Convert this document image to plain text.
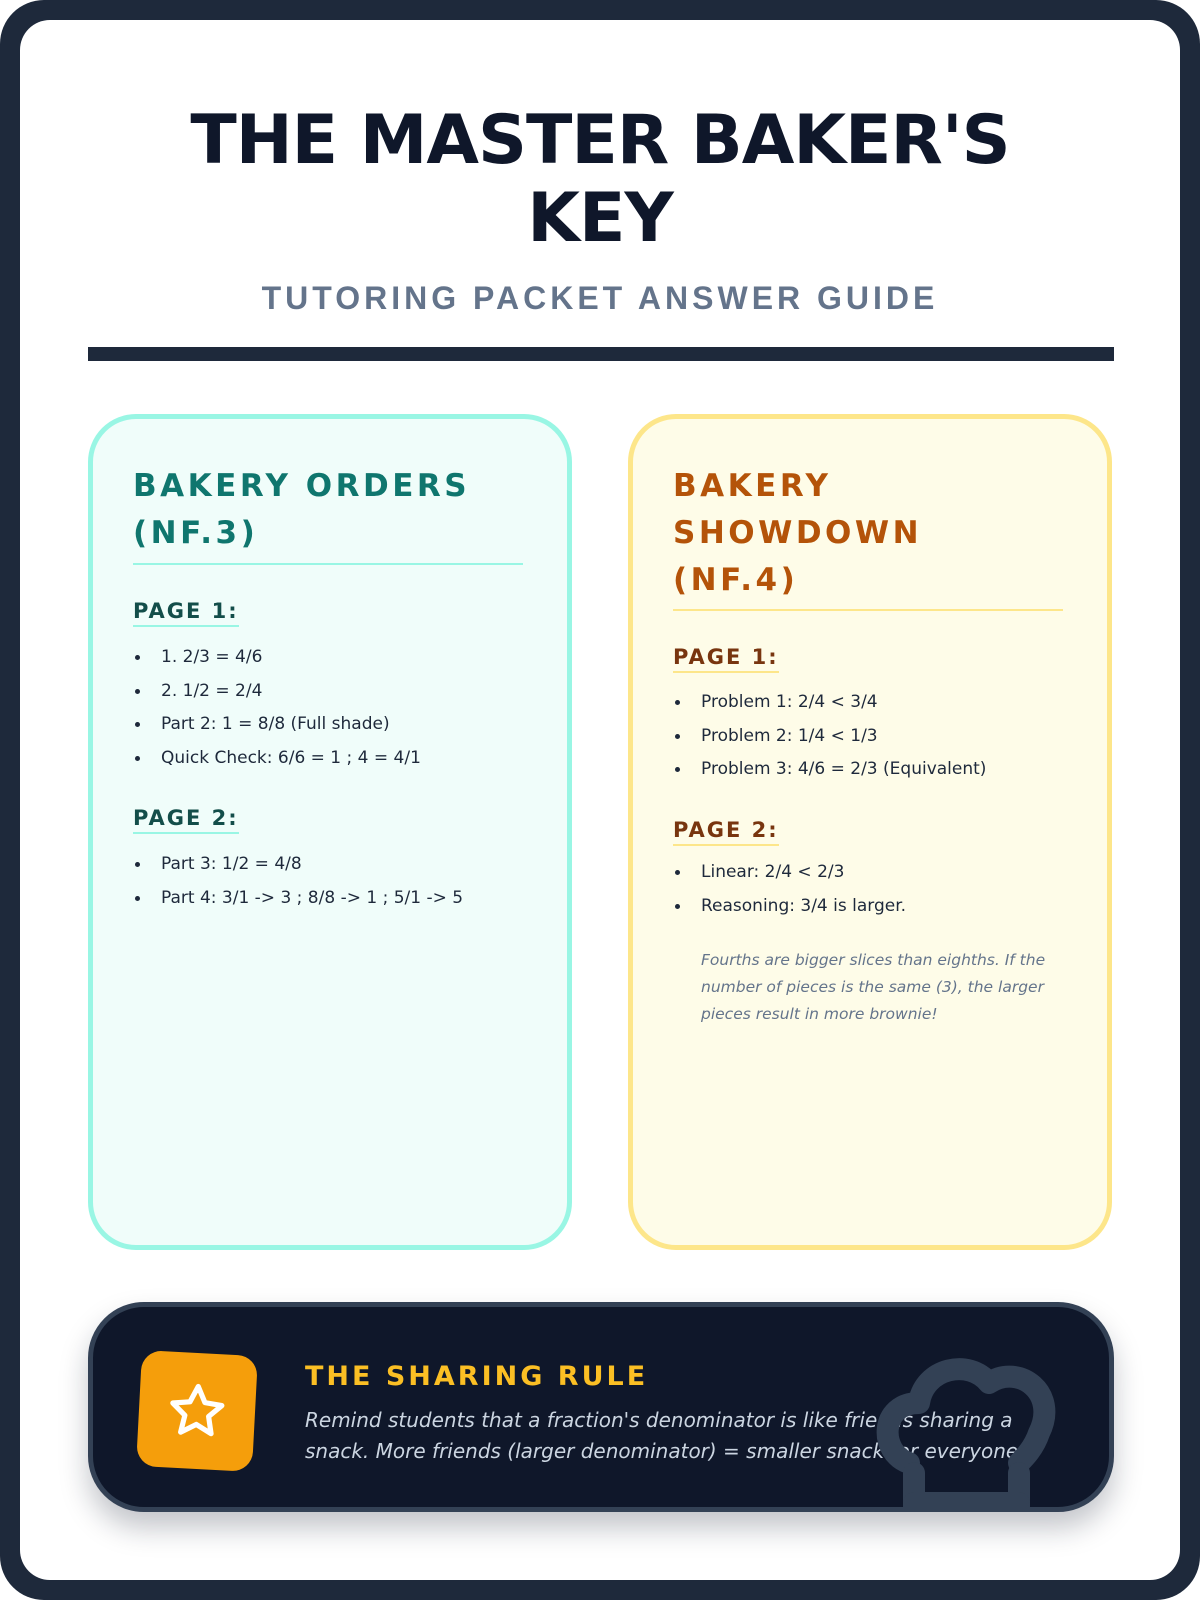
THE MASTER BAKER'S
KEY
TUTORING PACKET ANSWER GUIDE
BAKERY ORDERS
(NF.3)
PAGE 1:
1. 2/3 = 4/6
2. 1/2 = 2/4
Part 2: 1 = 8/8 (Full shade)
Quick Check: 6/6 = 1 ; 4 = 4/1
PAGE 2:
Part 3: 1/2 = 4/8
Part 4: 3/1 -> 3 ; 8/8 -> 1 ; 5/1 -> 5
BAKERY
SHOWDOWN
(NF.4)
PAGE 1:
Problem 1: 2/4 < 3/4
Problem 2: 1/4 < 1/3
Problem 3: 4/6 = 2/3 (Equivalent)
PAGE 2:
Linear: 2/4 < 2/3
Reasoning: 3/4 is larger.

Fourths are bigger slices than eighths. If the number of pieces is the same (3), the larger pieces result in more brownie!

THE SHARING RULE

Remind students that a fraction's denominator is like friends sharing a snack. More friends (larger denominator) = smaller snack for everyone!
